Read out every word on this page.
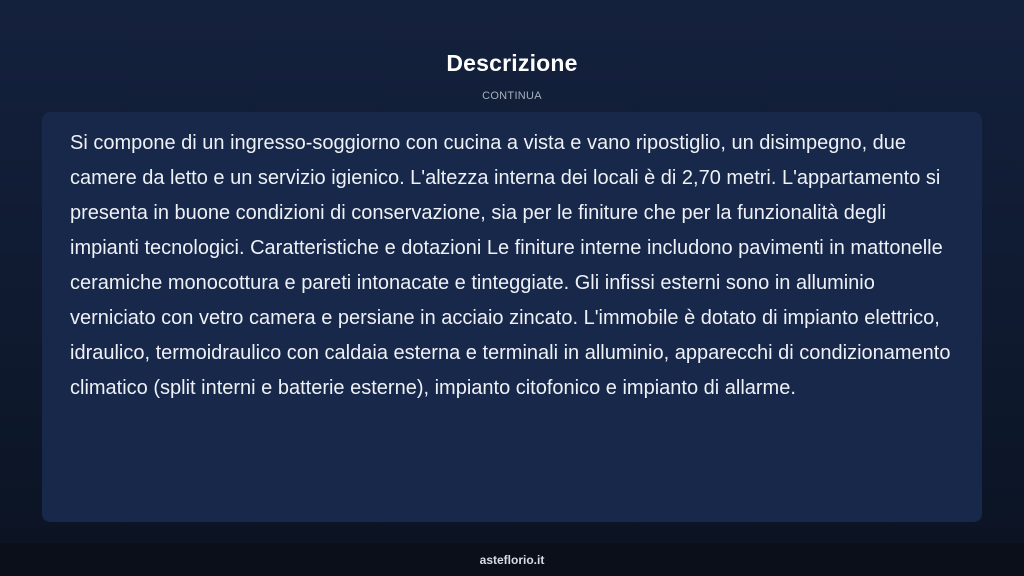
Descrizione
CONTINUA

Si compone di un ingresso-soggiorno con cucina a vista e vano ripostiglio, un disimpegno, due camere da letto e un servizio igienico. L'altezza interna dei locali è di 2,70 metri. L'appartamento si presenta in buone condizioni di conservazione, sia per le finiture che per la funzionalità degli impianti tecnologici. Caratteristiche e dotazioni Le finiture interne includono pavimenti in mattonelle ceramiche monocottura e pareti intonacate e tinteggiate. Gli infissi esterni sono in alluminio verniciato con vetro camera e persiane in acciaio zincato. L'immobile è dotato di impianto elettrico, idraulico, termoidraulico con caldaia esterna e terminali in alluminio, apparecchi di condizionamento climatico (split interni e batterie esterne), impianto citofonico e impianto di allarme.

asteflorio.it
